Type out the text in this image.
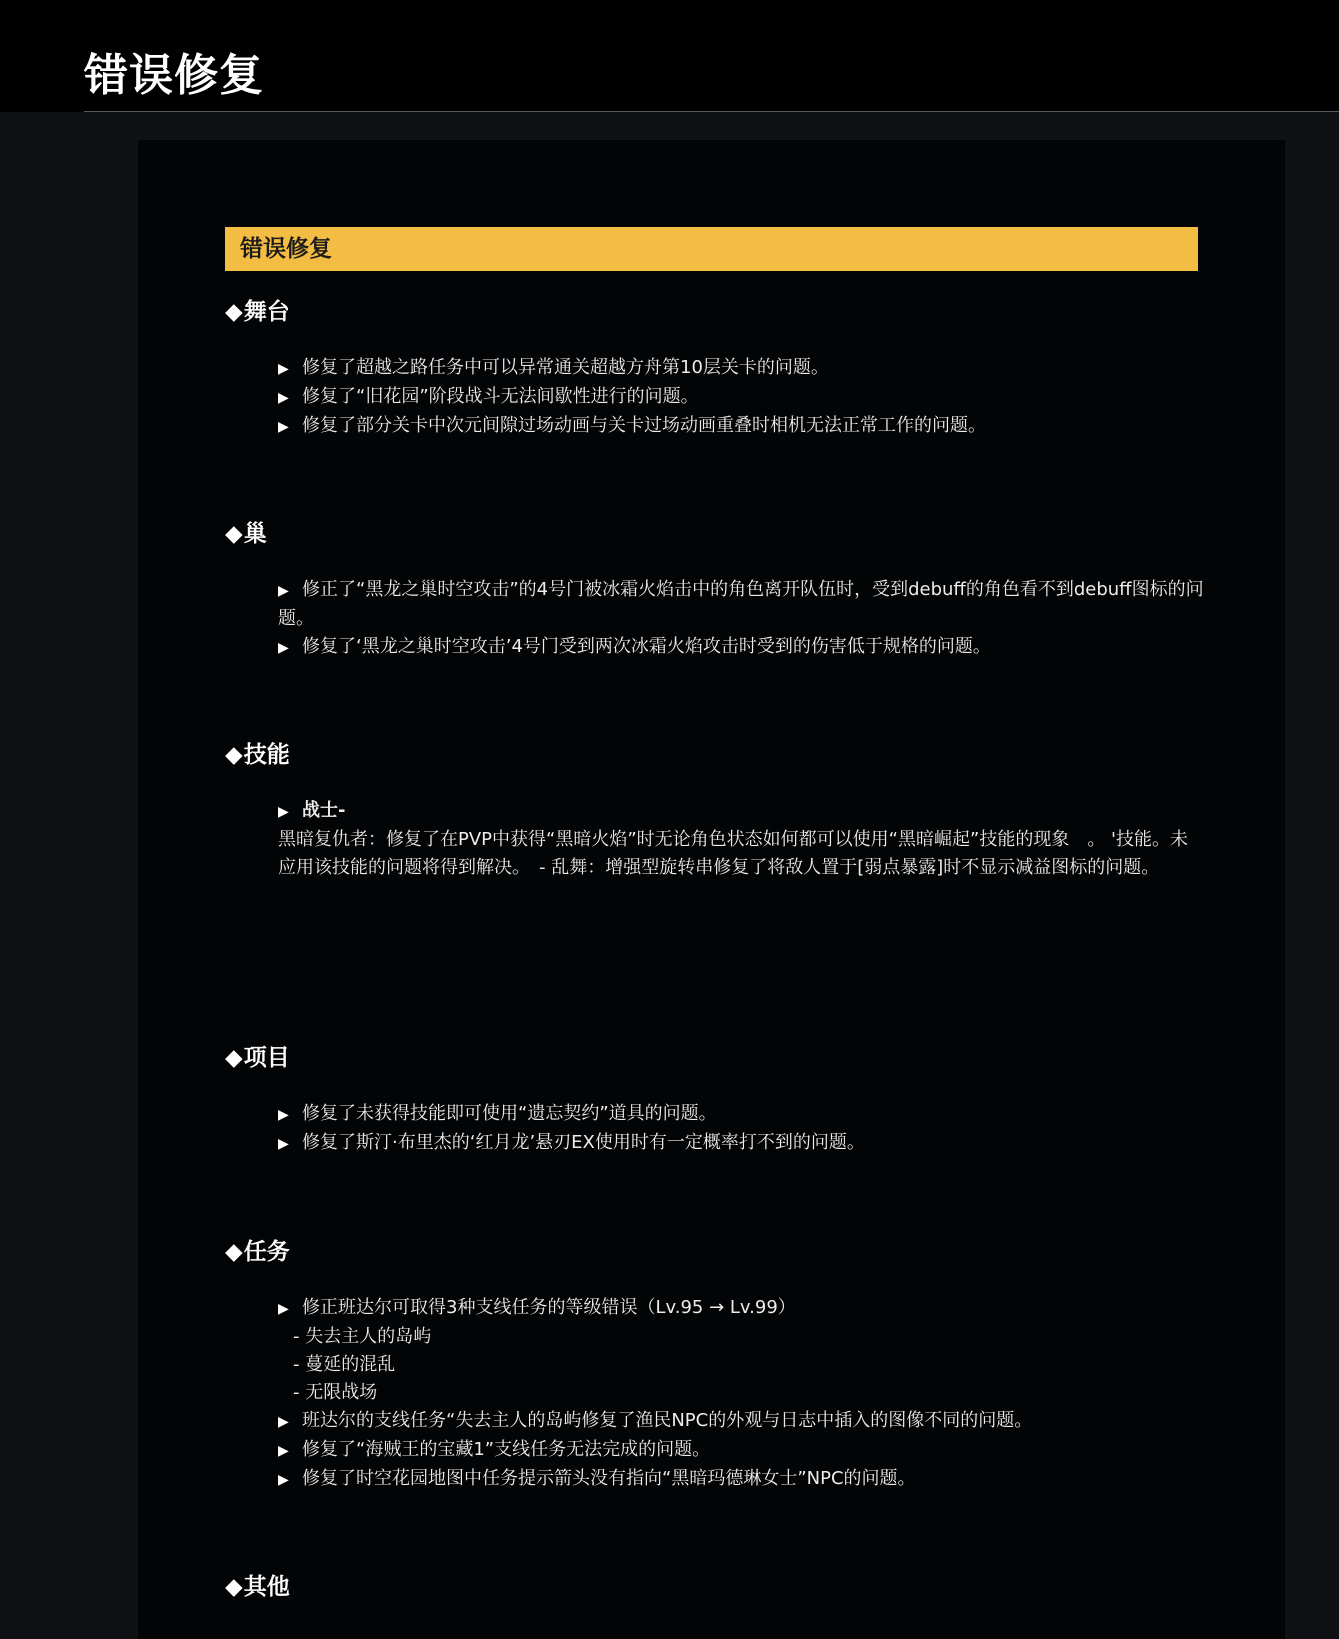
错误修复
错误修复
◆舞台
▶ 修复了超越之路任务中可以异常通关超越方舟第10层关卡的问题。
▶ 修复了“旧花园”阶段战斗无法间歇性进行的问题。
▶ 修复了部分关卡中次元间隙过场动画与关卡过场动画重叠时相机无法正常工作的问题。
◆巢
▶ 修正了“黑龙之巢时空攻击”的4号门被冰霜火焰击中的角色离开队伍时，受到debuff的角色看不到debuff图标的问题。
▶ 修复了‘黑龙之巢时空攻击’4号门受到两次冰霜火焰攻击时受到的伤害低于规格的问题。
◆技能
▶ 战士-

黑暗复仇者：修复了在PVP中获得“黑暗火焰”时无论角色状态如何都可以使用“黑暗崛起”技能的现象　。 '技能。未应用该技能的问题将得到解决。　- 乱舞：增强型旋转串修复了将敌人置于[弱点暴露]时不显示减益图标的问题。

◆项目
▶ 修复了未获得技能即可使用“遗忘契约”道具的问题。
▶ 修复了斯汀·布里杰的‘红月龙’悬刃EX使用时有一定概率打不到的问题。
◆任务
▶ 修正班达尔可取得3种支线任务的等级错误（Lv.95 → Lv.99）
- 失去主人的岛屿
- 蔓延的混乱
- 无限战场
▶ 班达尔的支线任务“失去主人的岛屿修复了渔民NPC的外观与日志中插入的图像不同的问题。
▶ 修复了“海贼王的宝藏1”支线任务无法完成的问题。
▶ 修复了时空花园地图中任务提示箭头没有指向“黑暗玛德琳女士”NPC的问题。
◆其他
